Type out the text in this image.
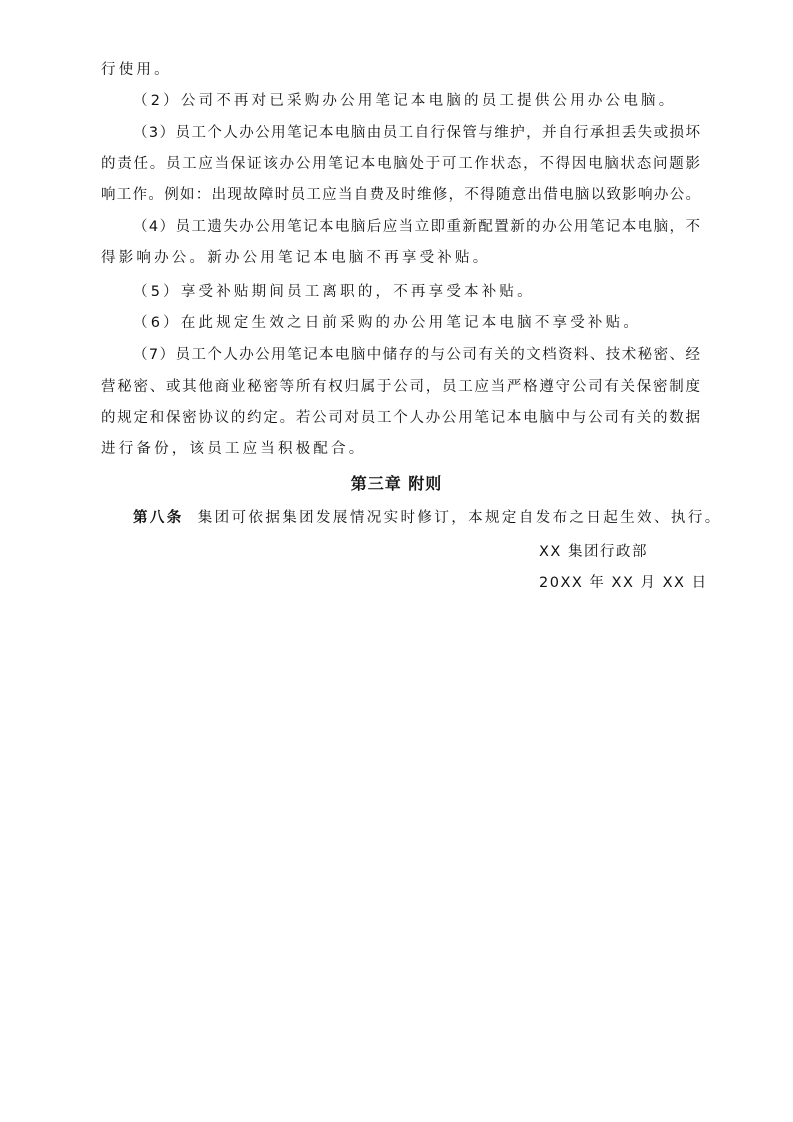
行使用。
（2）公司不再对已采购办公用笔记本电脑的员工提供公用办公电脑。
（3）员工个人办公用笔记本电脑由员工自行保管与维护，并自行承担丢失或损坏
的责任。员工应当保证该办公用笔记本电脑处于可工作状态，不得因电脑状态问题影
响工作。例如：出现故障时员工应当自费及时维修，不得随意出借电脑以致影响办公。
（4）员工遗失办公用笔记本电脑后应当立即重新配置新的办公用笔记本电脑，不
得影响办公。新办公用笔记本电脑不再享受补贴。
（5）享受补贴期间员工离职的，不再享受本补贴。
（6）在此规定生效之日前采购的办公用笔记本电脑不享受补贴。
（7）员工个人办公用笔记本电脑中储存的与公司有关的文档资料、技术秘密、经
营秘密、或其他商业秘密等所有权归属于公司，员工应当严格遵守公司有关保密制度
的规定和保密协议的约定。若公司对员工个人办公用笔记本电脑中与公司有关的数据
进行备份，该员工应当积极配合。
第三章 附则
第八条 集团可依据集团发展情况实时修订，本规定自发布之日起生效、执行。
XX 集团行政部
20XX 年 XX 月 XX 日
